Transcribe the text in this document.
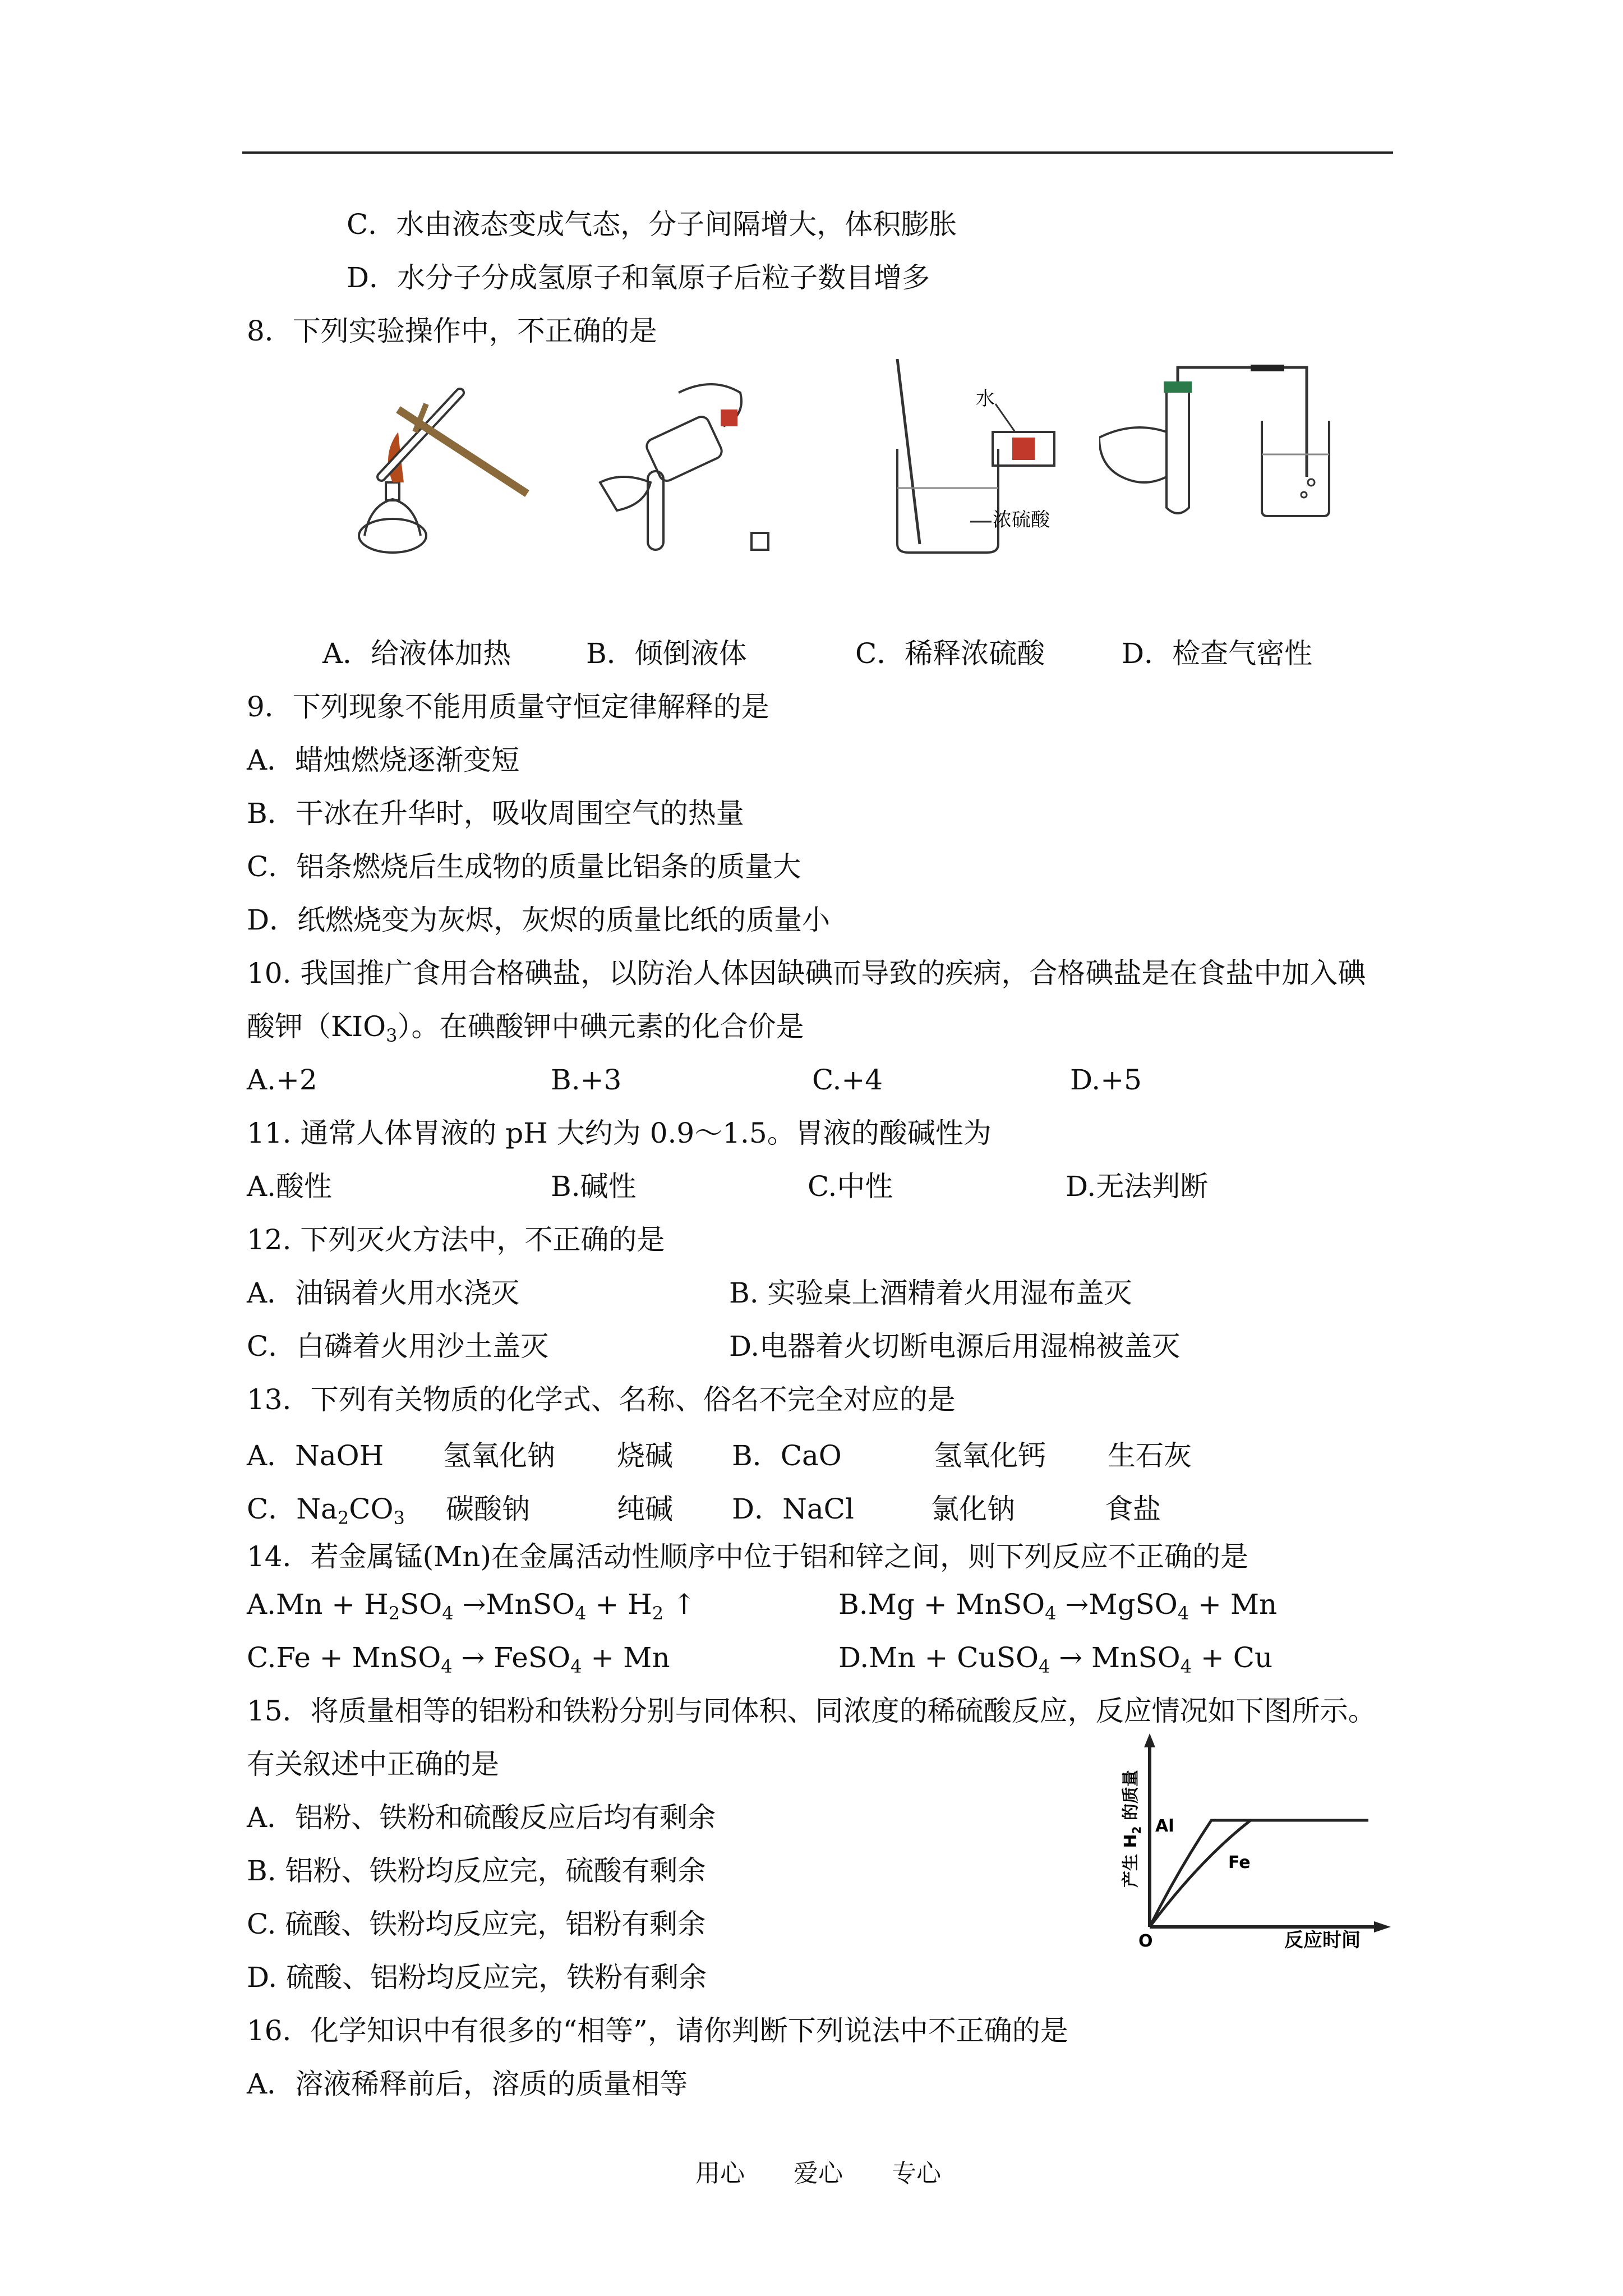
C．水由液态变成气态，分子间隔增大，体积膨胀
D．水分子分成氢原子和氧原子后粒子数目增多
8．下列实验操作中，不正确的是
水
浓硫酸
A．给液体加热	B．倾倒液体	C．稀释浓硫酸	D．检查气密性
9．下列现象不能用质量守恒定律解释的是
A．蜡烛燃烧逐渐变短
B．干冰在升华时，吸收周围空气的热量
C．铝条燃烧后生成物的质量比铝条的质量大
D．纸燃烧变为灰烬，灰烬的质量比纸的质量小
10. 我国推广食用合格碘盐，以防治人体因缺碘而导致的疾病，合格碘盐是在食盐中加入碘
酸钾$(KIO_3)$。在碘酸钾中碘元素的化合价是
A.+2	B.+3	C.+4	D.+5
11. 通常人体胃液的 pH 大约为 0.9～1.5。胃液的酸碱性为
A.酸性	B.碱性	C.中性	D.无法判断
12. 下列灭火方法中，不正确的是
A．油锅着火用水浇灭	B. 实验桌上酒精着火用湿布盖灭
C．白磷着火用沙土盖灭	D.电器着火切断电源后用湿棉被盖灭
13．下列有关物质的化学式、名称、俗名不完全对应的是
A．NaOH 氢氧化钠 烧碱 B．CaO	氢氧化钙 生石灰
C．$Na_2CO_3$ 碳酸钠	纯碱 D．NaCl	氯化钠	食盐
14．若金属锰(Mn)在金属活动性顺序中位于铝和锌之间，则下列反应不正确的是
$A.Mn + H_2SO_4$ →MnSO$_4$ + $H_2$ ↑	B.Mg + MnSO$_4$ →MgSO$_4$ + Mn
C.Fe + MnSO$_4$ → FeSO$_4$ + Mn	D.Mn + CuSO$_4$ → MnSO$_4$ + Cu
15．将质量相等的铝粉和铁粉分别与同体积、同浓度的稀硫酸反应，反应情况如下图所示。
有关叙述中正确的是
A．铝粉、铁粉和硫酸反应后均有剩余
B. 铝粉、铁粉均反应完，硫酸有剩余
C. 硫酸、铁粉均反应完，铝粉有剩余
D. 硫酸、铝粉均反应完，铁粉有剩余
Al
Fe
O	反应时间
产生 $H_2$ 的质量
16．化学知识中有很多的“相等”，请你判断下列说法中不正确的是
A．溶液稀释前后，溶质的质量相等
用心 爱心 专心
